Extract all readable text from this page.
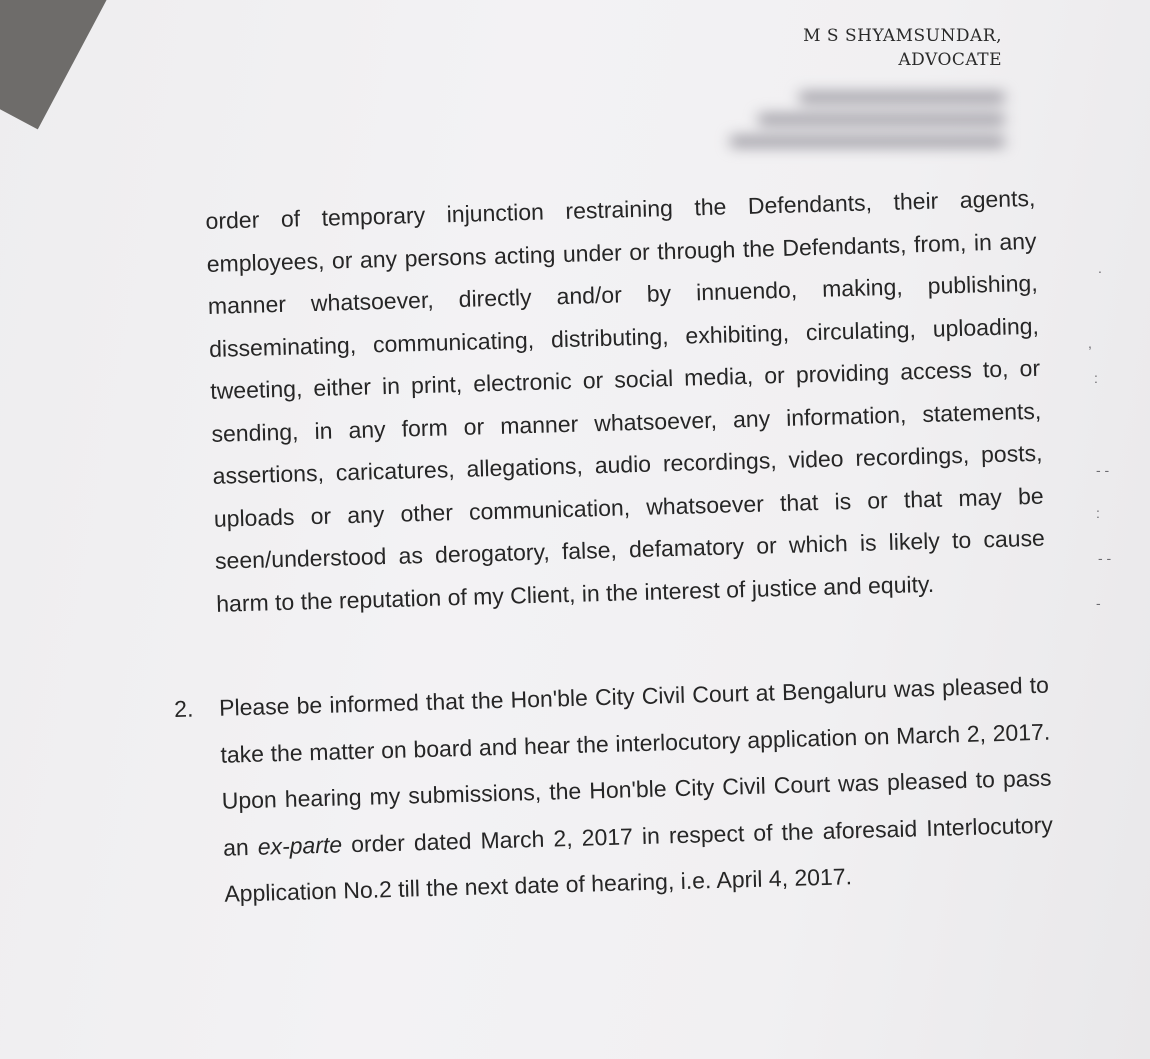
M S SHYAMSUNDAR,
ADVOCATE

order of temporary injunction restraining the Defendants, their agents, employees, or any persons acting under or through the Defendants, from, in any manner whatsoever, directly and/or by innuendo, making, publishing, disseminating, communicating, distributing, exhibiting, circulating, uploading, tweeting, either in print, electronic or social media, or providing access to, or sending, in any form or manner whatsoever, any information, statements, assertions, caricatures, allegations, audio recordings, video recordings, posts, uploads or any other communication, whatsoever that is or that may be seen/understood as derogatory, false, defamatory or which is likely to cause harm to the reputation of my Client, in the interest of justice and equity.

2. Please be informed that the Hon'ble City Civil Court at Bengaluru was pleased to take the matter on board and hear the interlocutory application on March 2, 2017. Upon hearing my submissions, the Hon'ble City Civil Court was pleased to pass an ex-parte order dated March 2, 2017 in respect of the aforesaid Interlocutory Application No.2 till the next date of hearing, i.e. April 4, 2017.
.
,
:
- -
:
- -
-
